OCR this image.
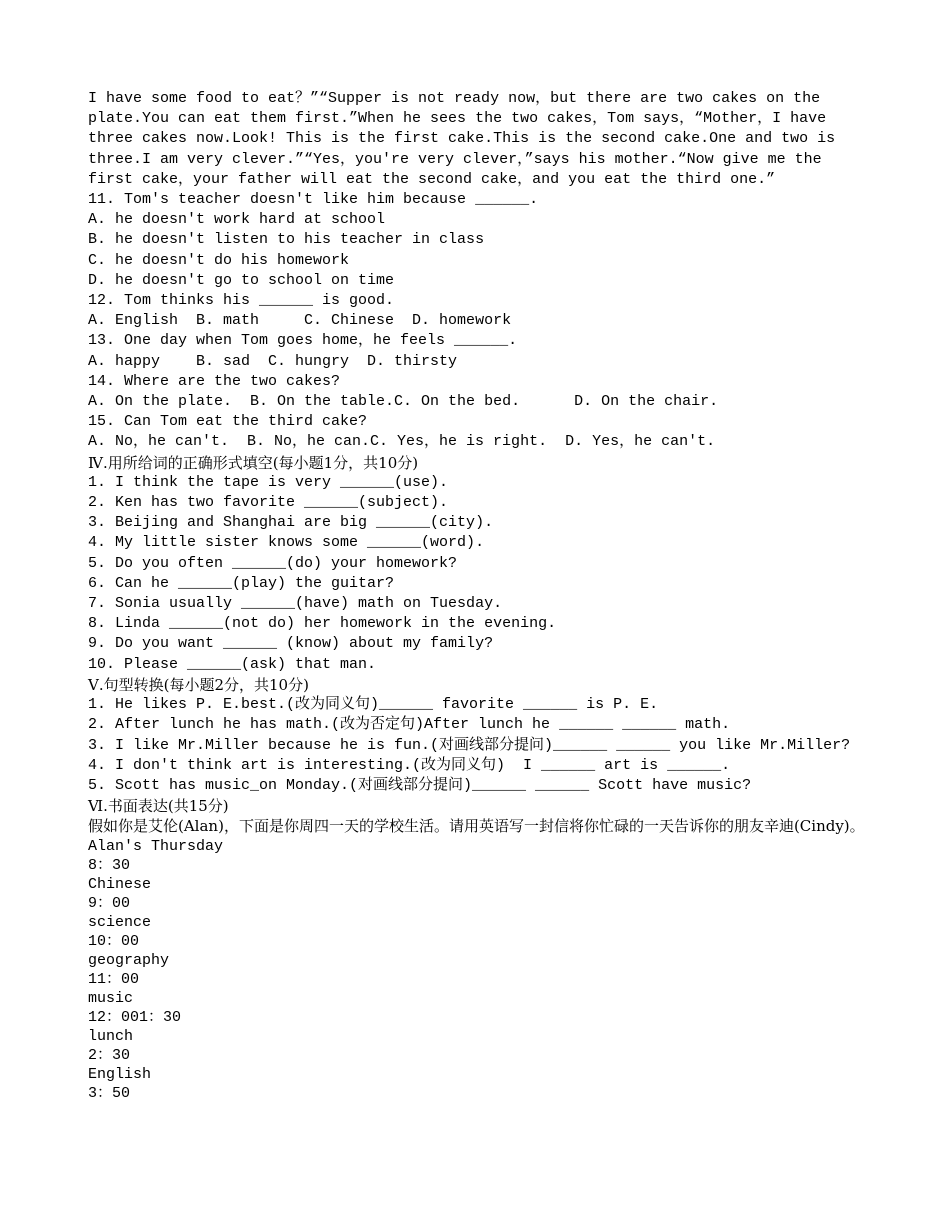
I have some food to eat？”“Supper is not ready now，but there are two cakes on the
plate.You can eat them first.”When he sees the two cakes，Tom says，“Mother，I have
three cakes now.Look! This is the first cake.This is the second cake.One and two is
three.I am very clever.”“Yes，you're very clever，”says his mother.“Now give me the
first cake，your father will eat the second cake，and you eat the third one.”
11. Tom's teacher doesn't like him because ______.
A. he doesn't work hard at school
B. he doesn't listen to his teacher in class
C. he doesn't do his homework
D. he doesn't go to school on time
12. Tom thinks his ______ is good.
A. English  B. math     C. Chinese  D. homework
13. One day when Tom goes home，he feels ______.
A. happy    B. sad  C. hungry  D. thirsty
14. Where are the two cakes?
A. On the plate.  B. On the table.C. On the bed.      D. On the chair.
15. Can Tom eat the third cake?
A. No，he can't.  B. No，he can.C. Yes，he is right.  D. Yes，he can't.
Ⅳ.用所给词的正确形式填空(每小题1分，共10分)
1. I think the tape is very ______(use).
2. Ken has two favorite ______(subject).
3. Beijing and Shanghai are big ______(city).
4. My little sister knows some ______(word).
5. Do you often ______(do) your homework?
6. Can he ______(play) the guitar?
7. Sonia usually ______(have) math on Tuesday.
8. Linda ______(not do) her homework in the evening.
9. Do you want ______ (know) about my family?
10. Please ______(ask) that man.
Ⅴ.句型转换(每小题2分，共10分)
1. He likes P. E.best.(改为同义句)______ favorite ______ is P. E.
2. After lunch he has math.(改为否定句)After lunch he ______ ______ math.
3. I like Mr.Miller because he is fun.(对画线部分提问)______ ______ you like Mr.Miller?
4. I don't think art is interesting.(改为同义句)  I ______ art is ______.
5. Scott has music_on Monday.(对画线部分提问)______ ______ Scott have music?
Ⅵ.书面表达(共15分)
假如你是艾伦(Alan)，下面是你周四一天的学校生活。请用英语写一封信将你忙碌的一天告诉你的朋友辛迪(Cindy)。
Alan's Thursday
8：30
Chinese
9：00
science
10：00
geography
11：00
music
12：001：30
lunch
2：30
English
3：50
